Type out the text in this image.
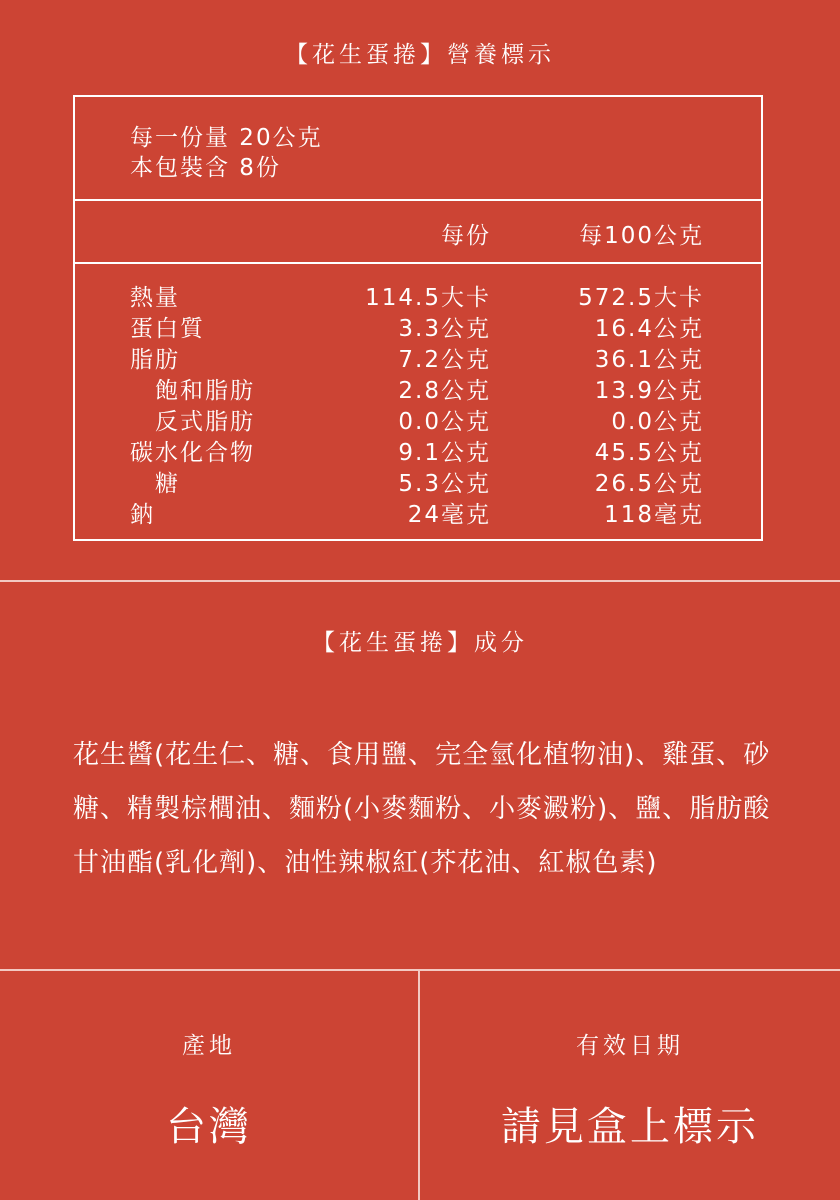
【花生蛋捲】營養標示
每一份量 20公克
本包裝含 8份
每份	每100公克
熱量	114.5大卡	572.5大卡
蛋白質	3.3公克	16.4公克
脂肪	7.2公克	36.1公克
飽和脂肪	2.8公克	13.9公克
反式脂肪	0.0公克	0.0公克
碳水化合物	9.1公克	45.5公克
糖	5.3公克	26.5公克
鈉	24毫克	118毫克
【花生蛋捲】成分
花生醬(花生仁、糖、食用鹽、完全氫化植物油)、雞蛋、砂糖、精製棕櫚油、麵粉(小麥麵粉、小麥澱粉)、鹽、脂肪酸甘油酯(乳化劑)、油性辣椒紅(芥花油、紅椒色素)
產地
台灣
有效日期
請見盒上標示
